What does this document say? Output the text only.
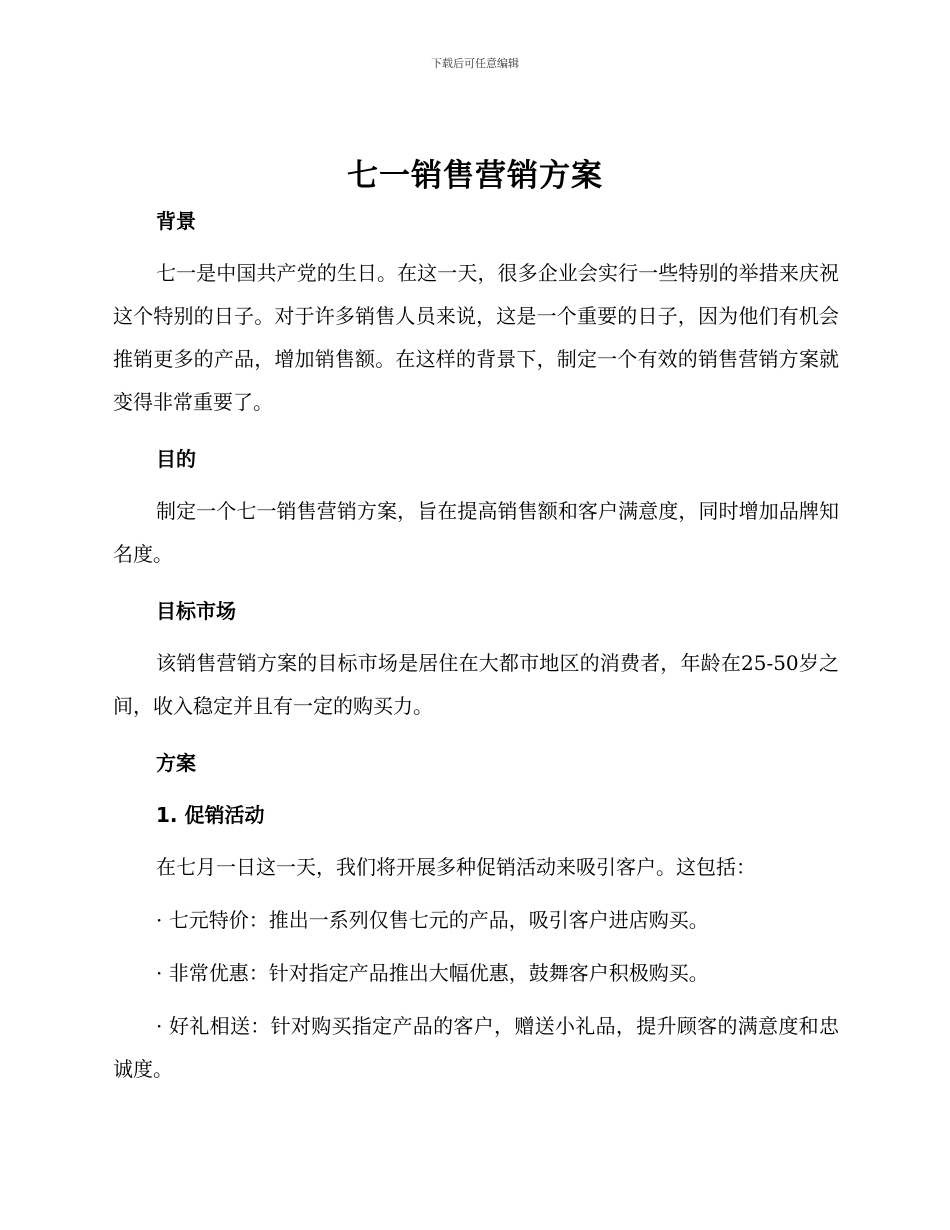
下载后可任意编辑
七一销售营销方案

背景

七一是中国共产党的生日。在这一天，很多企业会实行一些特别的举措来庆祝这个特别的日子。对于许多销售人员来说，这是一个重要的日子，因为他们有机会推销更多的产品，增加销售额。在这样的背景下，制定一个有效的销售营销方案就变得非常重要了。

目的

制定一个七一销售营销方案，旨在提高销售额和客户满意度，同时增加品牌知名度。

目标市场

该销售营销方案的目标市场是居住在大都市地区的消费者，年龄在25-50岁之间，收入稳定并且有一定的购买力。

方案

1. 促销活动

在七月一日这一天，我们将开展多种促销活动来吸引客户。这包括：

· 七元特价：推出一系列仅售七元的产品，吸引客户进店购买。

· 非常优惠：针对指定产品推出大幅优惠，鼓舞客户积极购买。

· 好礼相送：针对购买指定产品的客户，赠送小礼品，提升顾客的满意度和忠诚度。
